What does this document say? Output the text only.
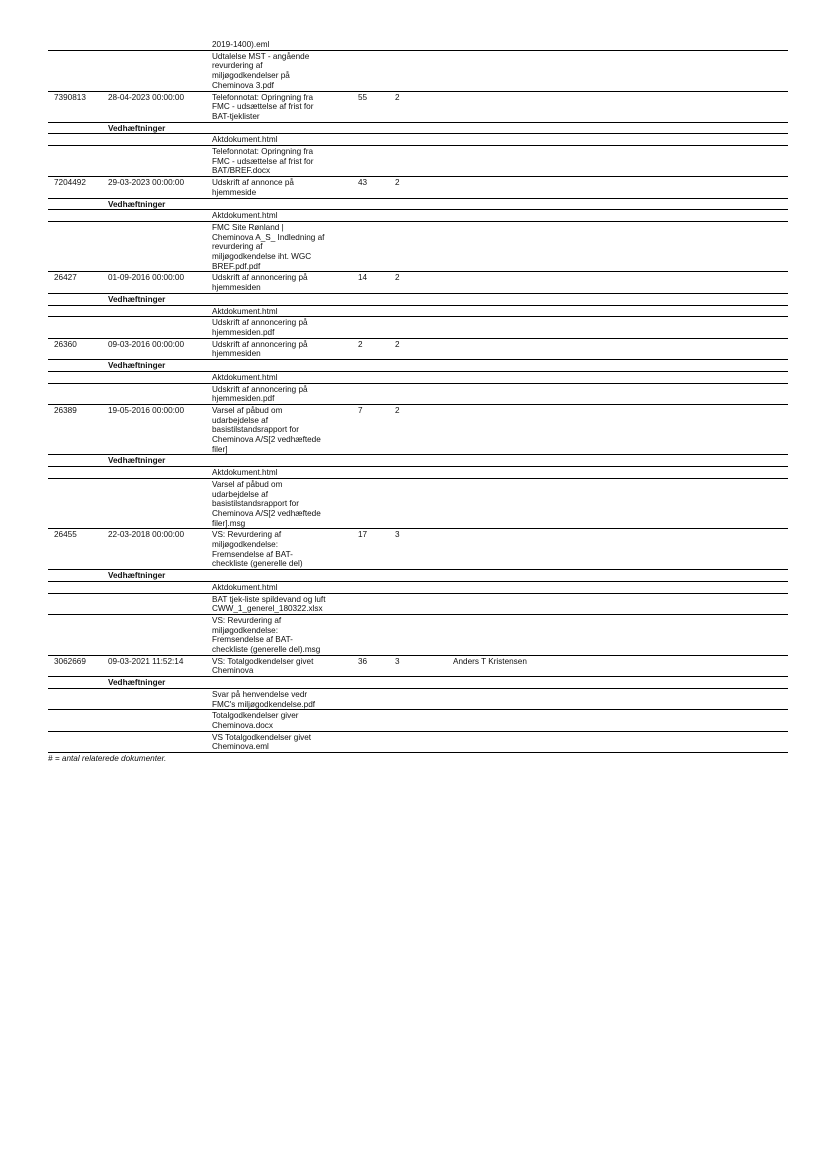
		2019-1400).eml			
		Udtalelse MST - angående
revurdering af
miljøgodkendelser på
Cheminova 3.pdf			
7390813	28-04-2023 00:00:00	Telefonnotat: Opringning fra
FMC - udsættelse af frist for
BAT-tjeklister	55	2	
	Vedhæftninger				
		Aktdokument.html			
		Telefonnotat: Opringning fra
FMC - udsættelse af frist for
BAT/BREF.docx			
7204492	29-03-2023 00:00:00	Udskrift af annonce på
hjemmeside	43	2	
	Vedhæftninger				
		Aktdokument.html			
		FMC Site Rønland |
Cheminova A_S_ Indledning af
revurdering af
miljøgodkendelse iht. WGC
BREF.pdf.pdf			
26427	01-09-2016 00:00:00	Udskrift af annoncering på
hjemmesiden	14	2	
	Vedhæftninger				
		Aktdokument.html			
		Udskrift af annoncering på
hjemmesiden.pdf			
26360	09-03-2016 00:00:00	Udskrift af annoncering på
hjemmesiden	2	2	
	Vedhæftninger				
		Aktdokument.html			
		Udskrift af annoncering på
hjemmesiden.pdf			
26389	19-05-2016 00:00:00	Varsel af påbud om
udarbejdelse af
basistilstandsrapport for
Cheminova A/S[2 vedhæftede
filer]	7	2	
	Vedhæftninger				
		Aktdokument.html			
		Varsel af påbud om
udarbejdelse af
basistilstandsrapport for
Cheminova A/S[2 vedhæftede
filer].msg			
26455	22-03-2018 00:00:00	VS: Revurdering af
miljøgodkendelse:
Fremsendelse af BAT-
checkliste (generelle del)	17	3	
	Vedhæftninger				
		Aktdokument.html			
		BAT tjek-liste spildevand og luft
CWW_1_generel_180322.xlsx			
		VS: Revurdering af
miljøgodkendelse:
Fremsendelse af BAT-
checkliste (generelle del).msg			
3062669	09-03-2021 11:52:14	VS: Totalgodkendelser givet
Cheminova	36	3	Anders T Kristensen
	Vedhæftninger				
		Svar på henvendelse vedr
FMC's miljøgodkendelse.pdf			
		Totalgodkendelser giver
Cheminova.docx			
		VS Totalgodkendelser givet
Cheminova.eml			
# = antal relaterede dokumenter.
